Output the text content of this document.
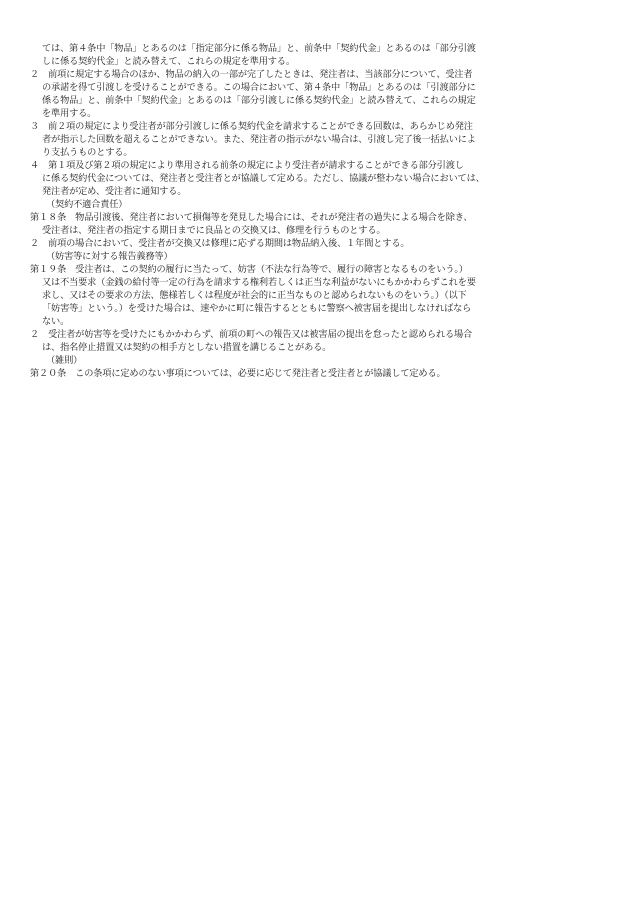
ては、第４条中「物品」とあるのは「指定部分に係る物品」と、前条中「契約代金」とあるのは「部分引渡
しに係る契約代金」と読み替えて、これらの規定を準用する。
２　前項に規定する場合のほか、物品の納入の一部が完了したときは、発注者は、当該部分について、受注者
の承諾を得て引渡しを受けることができる。この場合において、第４条中「物品」とあるのは「引渡部分に
係る物品」と、前条中「契約代金」とあるのは「部分引渡しに係る契約代金」と読み替えて、これらの規定
を準用する。
３　前２項の規定により受注者が部分引渡しに係る契約代金を請求することができる回数は、あらかじめ発注
者が指示した回数を超えることができない。また、発注者の指示がない場合は、引渡し完了後一括払いによ
り支払うものとする。
４　第１項及び第２項の規定により準用される前条の規定により受注者が請求することができる部分引渡し
に係る契約代金については、発注者と受注者とが協議して定める。ただし、協議が整わない場合においては、
発注者が定め、受注者に通知する。
（契約不適合責任）
第１８条　物品引渡後、発注者において損傷等を発見した場合には、それが発注者の過失による場合を除き、
受注者は、発注者の指定する期日までに良品との交換又は、修理を行うものとする。
２　前項の場合において、受注者が交換又は修理に応ずる期間は物品納入後、１年間とする。
（妨害等に対する報告義務等）
第１９条　受注者は、この契約の履行に当たって、妨害（不法な行為等で、履行の障害となるものをいう。）
又は不当要求（金銭の給付等一定の行為を請求する権利若しくは正当な利益がないにもかかわらずこれを要
求し、又はその要求の方法、態様若しくは程度が社会的に正当なものと認められないものをいう。）（以下
「妨害等」という。）を受けた場合は、速やかに町に報告するとともに警察へ被害届を提出しなければなら
ない。
２　受注者が妨害等を受けたにもかかわらず、前項の町への報告又は被害届の提出を怠ったと認められる場合
は、指名停止措置又は契約の相手方としない措置を講じることがある。
（雑則）
第２０条　この条項に定めのない事項については、必要に応じて発注者と受注者とが協議して定める。
